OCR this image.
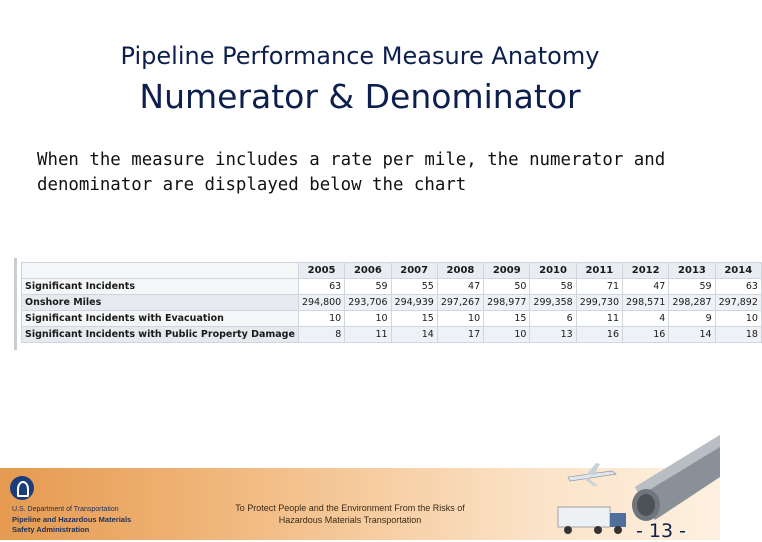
Pipeline Performance Measure Anatomy
Numerator & Denominator
When the measure includes a rate per mile, the numerator and
denominator are displayed below the chart
	2005	2006	2007	2008	2009	2010	2011	2012	2013	2014
Significant Incidents	63	59	55	47	50	58	71	47	59	63
Onshore Miles	294,800	293,706	294,939	297,267	298,977	299,358	299,730	298,571	298,287	297,892
Significant Incidents with Evacuation	10	10	15	10	15	6	11	4	9	10
Significant Incidents with Public Property Damage	8	11	14	17	10	13	16	16	14	18
U.S. Department of Transportation
Pipeline and Hazardous Materials
Safety Administration
To Protect People and the Environment From the Risks of
Hazardous Materials Transportation	- 13 -
